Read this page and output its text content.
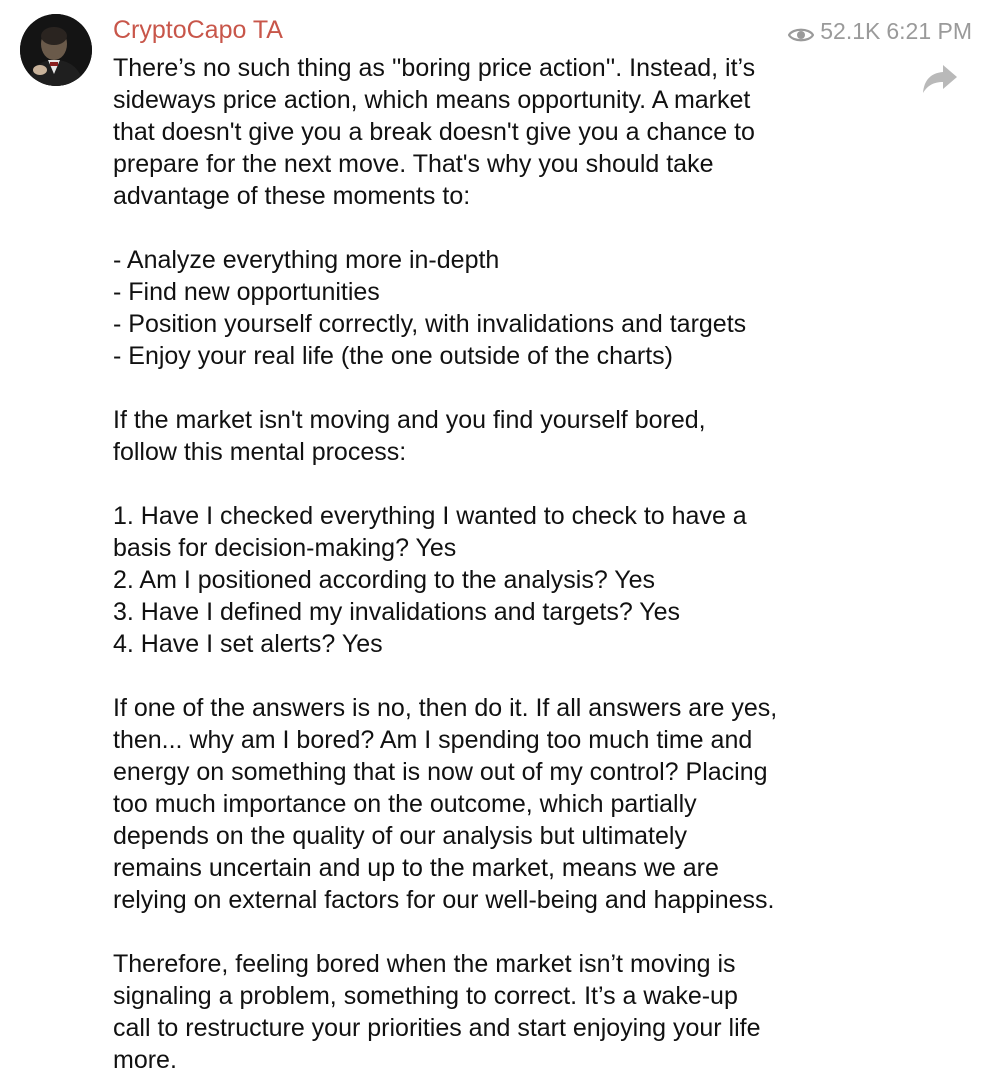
CryptoCapo TA	52.1K 6:21 PM
There’s no such thing as ''boring price action''. Instead, it’s
sideways price action, which means opportunity. A market
that doesn't give you a break doesn't give you a chance to
prepare for the next move. That's why you should take
advantage of these moments to:
- Analyze everything more in-depth
- Find new opportunities
- Position yourself correctly, with invalidations and targets
- Enjoy your real life (the one outside of the charts)
If the market isn't moving and you find yourself bored,
follow this mental process:
1. Have I checked everything I wanted to check to have a
basis for decision-making? Yes
2. Am I positioned according to the analysis? Yes
3. Have I defined my invalidations and targets? Yes
4. Have I set alerts? Yes
If one of the answers is no, then do it. If all answers are yes,
then... why am I bored? Am I spending too much time and
energy on something that is now out of my control? Placing
too much importance on the outcome, which partially
depends on the quality of our analysis but ultimately
remains uncertain and up to the market, means we are
relying on external factors for our well-being and happiness.
Therefore, feeling bored when the market isn’t moving is
signaling a problem, something to correct. It’s a wake-up
call to restructure your priorities and start enjoying your life
more.
